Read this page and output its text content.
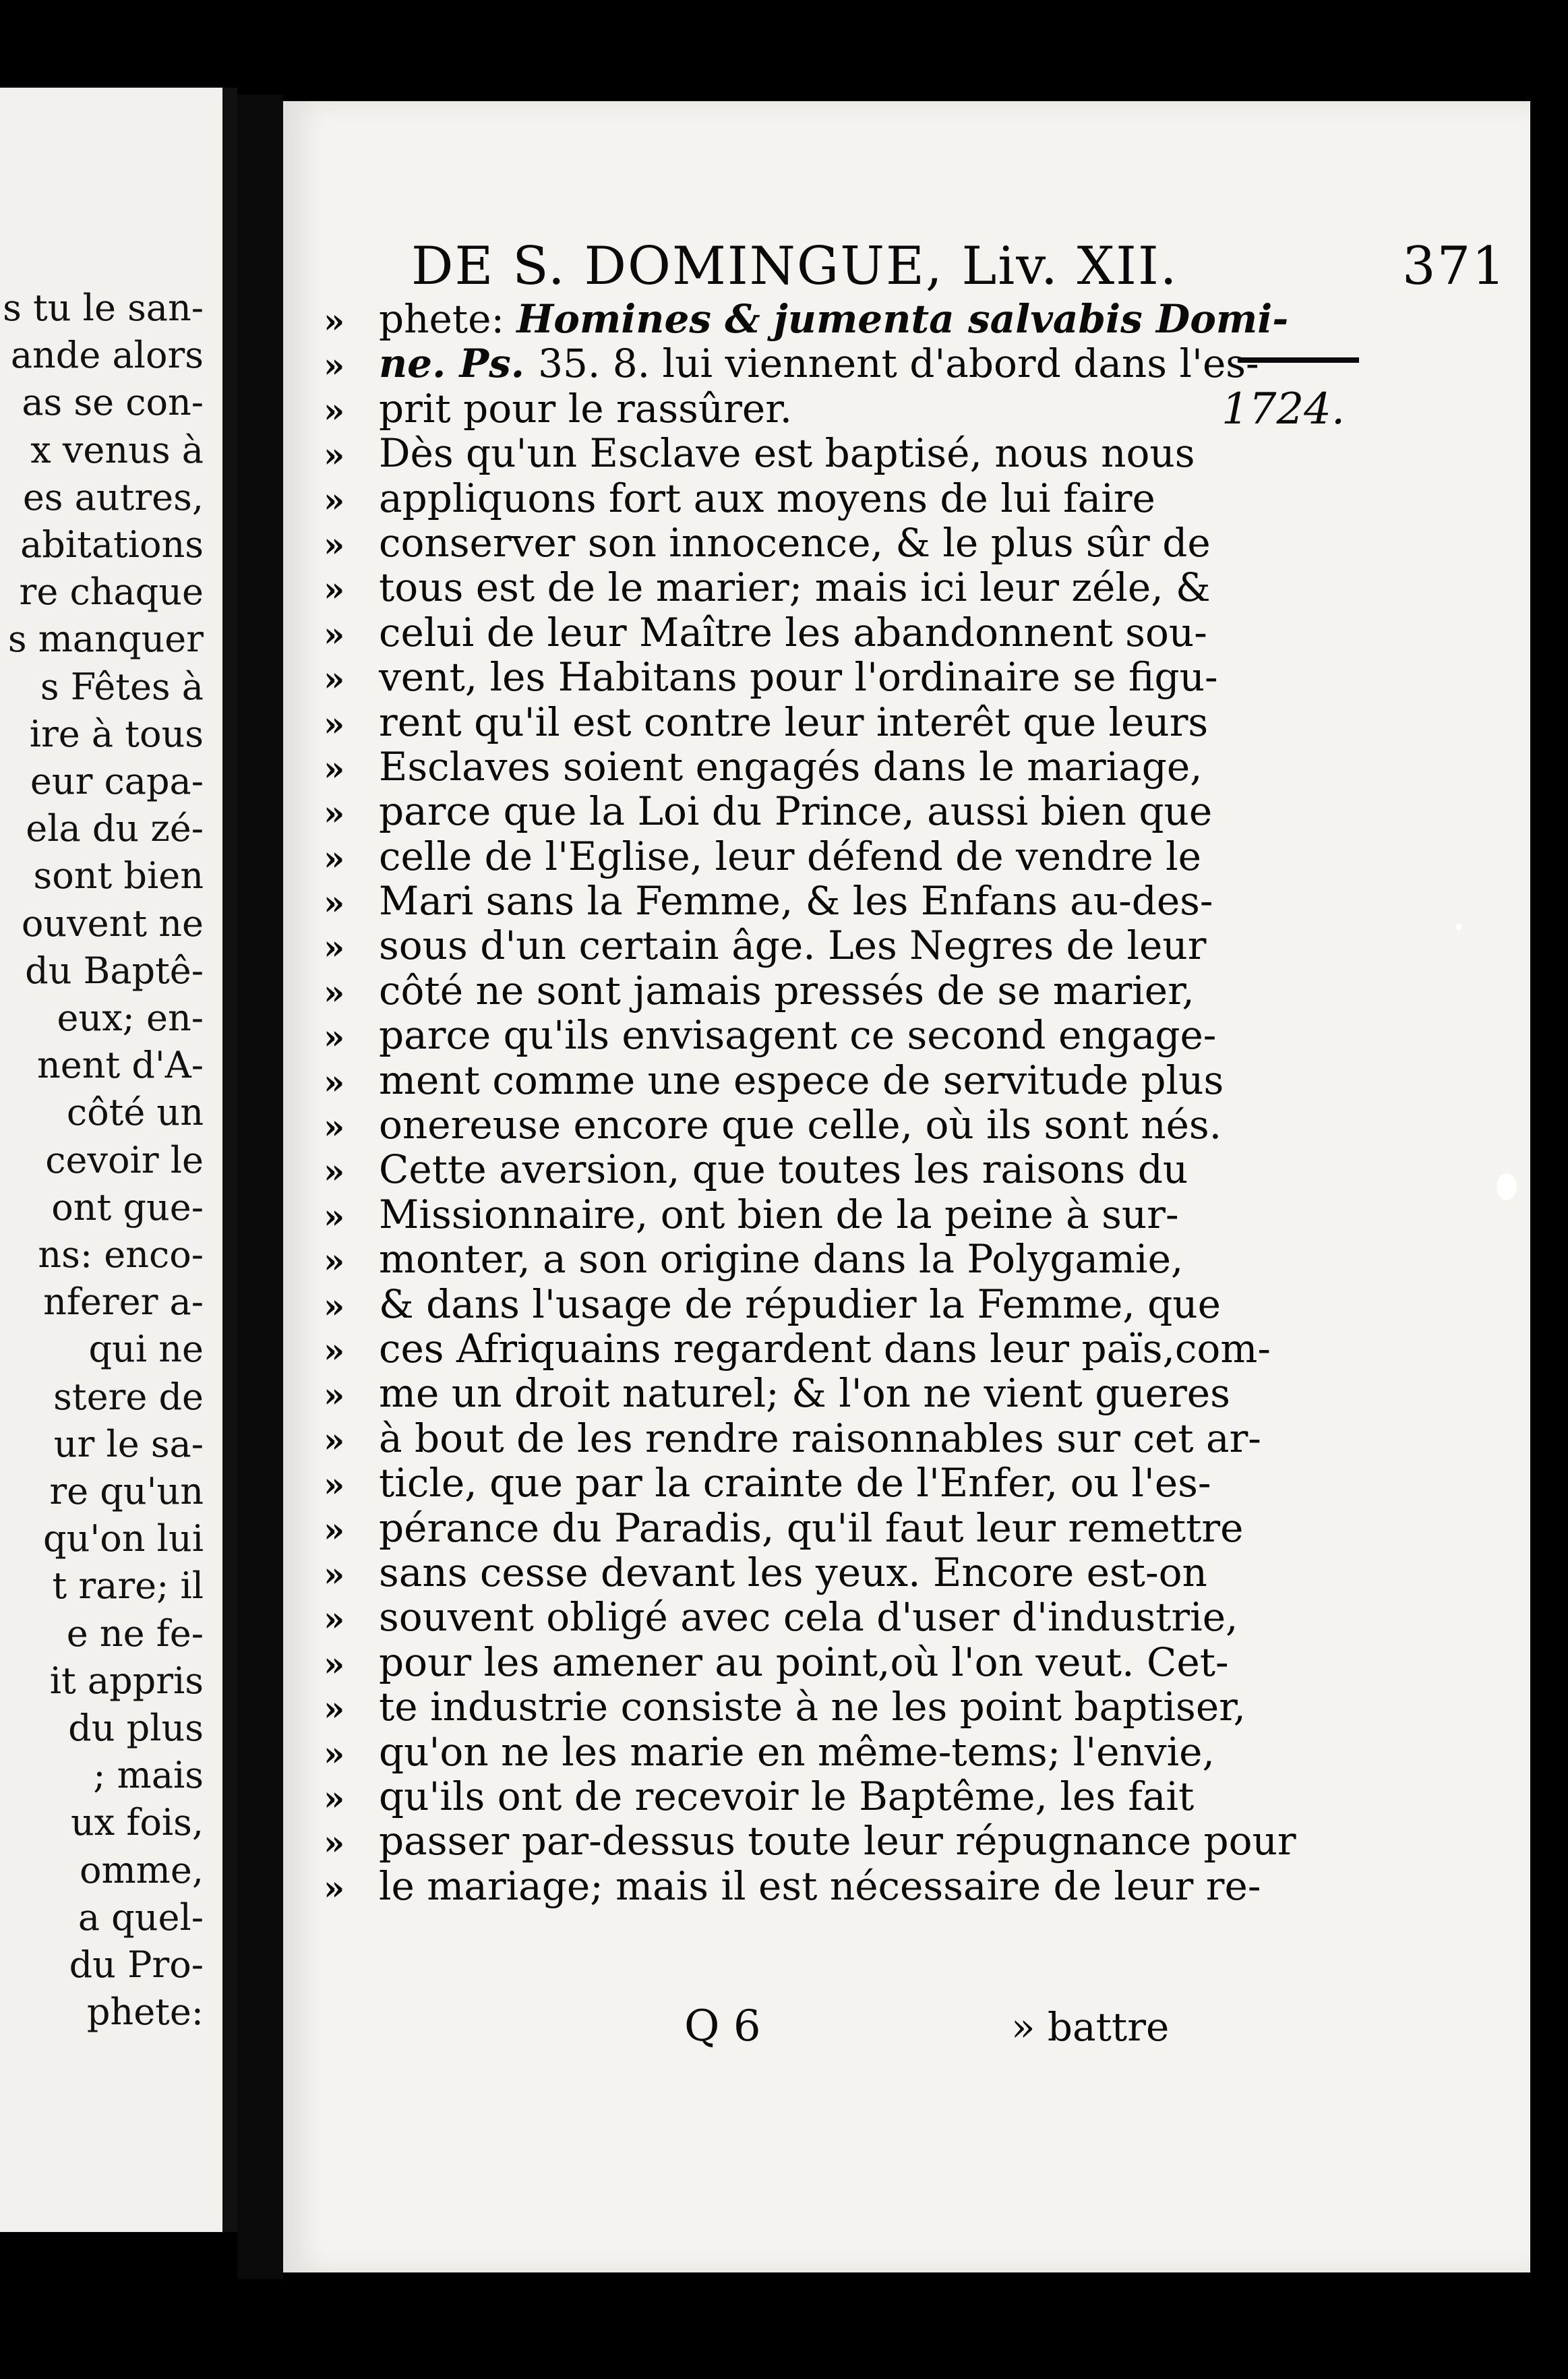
s tu le san-
ande alors
as se con-
x venus à
es autres,
abitations
re chaque
s manquer
s Fêtes à
ire à tous
eur capa-
ela du zé-
sont bien
ouvent ne
du Baptê-
eux; en-
nent d'A-
côté un
cevoir le
ont gue-
ns: enco-
nferer a-
qui ne
stere de
ur le sa-
re qu'un
qu'on lui
t rare; il
e ne fe-
it appris
du plus
; mais
ux fois,
omme,
a quel-
du Pro-
phete:
DE S. DOMINGUE, Liv. XII.	371
1724.
» phete: Homines & jumenta salvabis Domi-
» ne. Ps. 35. 8. lui viennent d'abord dans l'es-
» prit pour le rassûrer.
» Dès qu'un Esclave est baptisé, nous nous
» appliquons fort aux moyens de lui faire
» conserver son innocence, & le plus sûr de
» tous est de le marier; mais ici leur zéle, &
» celui de leur Maître les abandonnent sou-
» vent, les Habitans pour l'ordinaire se figu-
» rent qu'il est contre leur interêt que leurs
» Esclaves soient engagés dans le mariage,
» parce que la Loi du Prince, aussi bien que
» celle de l'Eglise, leur défend de vendre le
» Mari sans la Femme, & les Enfans au-des-
» sous d'un certain âge. Les Negres de leur
» côté ne sont jamais pressés de se marier,
» parce qu'ils envisagent ce second engage-
» ment comme une espece de servitude plus
» onereuse encore que celle, où ils sont nés.
» Cette aversion, que toutes les raisons du
» Missionnaire, ont bien de la peine à sur-
» monter, a son origine dans la Polygamie,
» & dans l'usage de répudier la Femme, que
» ces Afriquains regardent dans leur païs,com-
» me un droit naturel; & l'on ne vient gueres
» à bout de les rendre raisonnables sur cet ar-
» ticle, que par la crainte de l'Enfer, ou l'es-
» pérance du Paradis, qu'il faut leur remettre
» sans cesse devant les yeux. Encore est-on
» souvent obligé avec cela d'user d'industrie,
» pour les amener au point,où l'on veut. Cet-
» te industrie consiste à ne les point baptiser,
» qu'on ne les marie en même-tems; l'envie,
» qu'ils ont de recevoir le Baptême, les fait
» passer par-dessus toute leur répugnance pour
» le mariage; mais il est nécessaire de leur re-
Q 6	» battre
